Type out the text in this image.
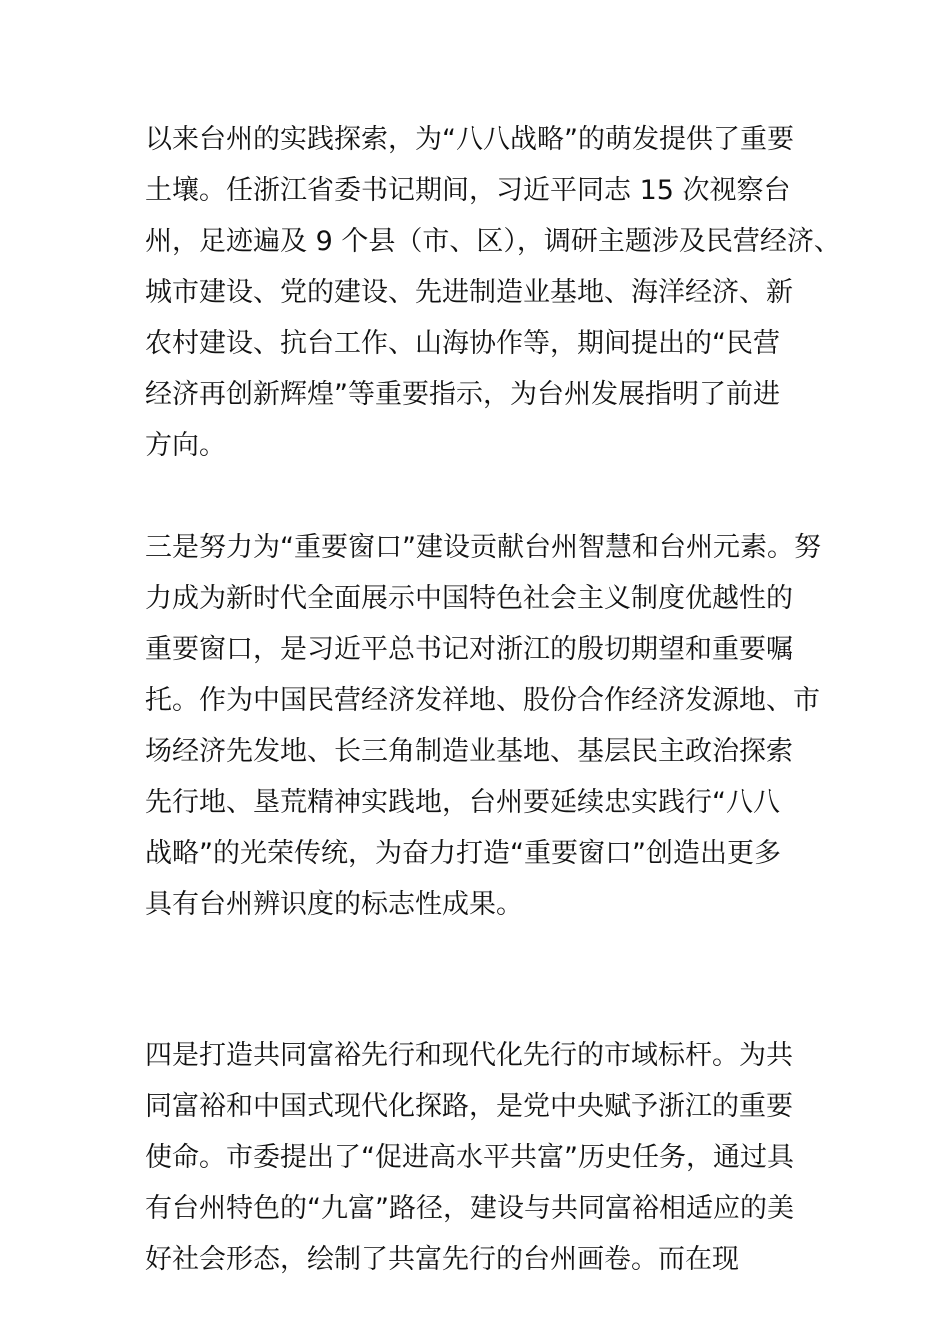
以来台州的实践探索，为“八八战略”的萌发提供了重要
土壤。任浙江省委书记期间，习近平同志 15 次视察台
州，足迹遍及 9 个县（市、区），调研主题涉及民营经济、
城市建设、党的建设、先进制造业基地、海洋经济、新
农村建设、抗台工作、山海协作等，期间提出的“民营
经济再创新辉煌”等重要指示，为台州发展指明了前进
方向。
三是努力为“重要窗口”建设贡献台州智慧和台州元素。努
力成为新时代全面展示中国特色社会主义制度优越性的
重要窗口，是习近平总书记对浙江的殷切期望和重要嘱
托。作为中国民营经济发祥地、股份合作经济发源地、市
场经济先发地、长三角制造业基地、基层民主政治探索
先行地、垦荒精神实践地，台州要延续忠实践行“八八
战略”的光荣传统，为奋力打造“重要窗口”创造出更多
具有台州辨识度的标志性成果。
四是打造共同富裕先行和现代化先行的市域标杆。为共
同富裕和中国式现代化探路，是党中央赋予浙江的重要
使命。市委提出了“促进高水平共富”历史任务，通过具
有台州特色的“九富”路径，建设与共同富裕相适应的美
好社会形态，绘制了共富先行的台州画卷。而在现
